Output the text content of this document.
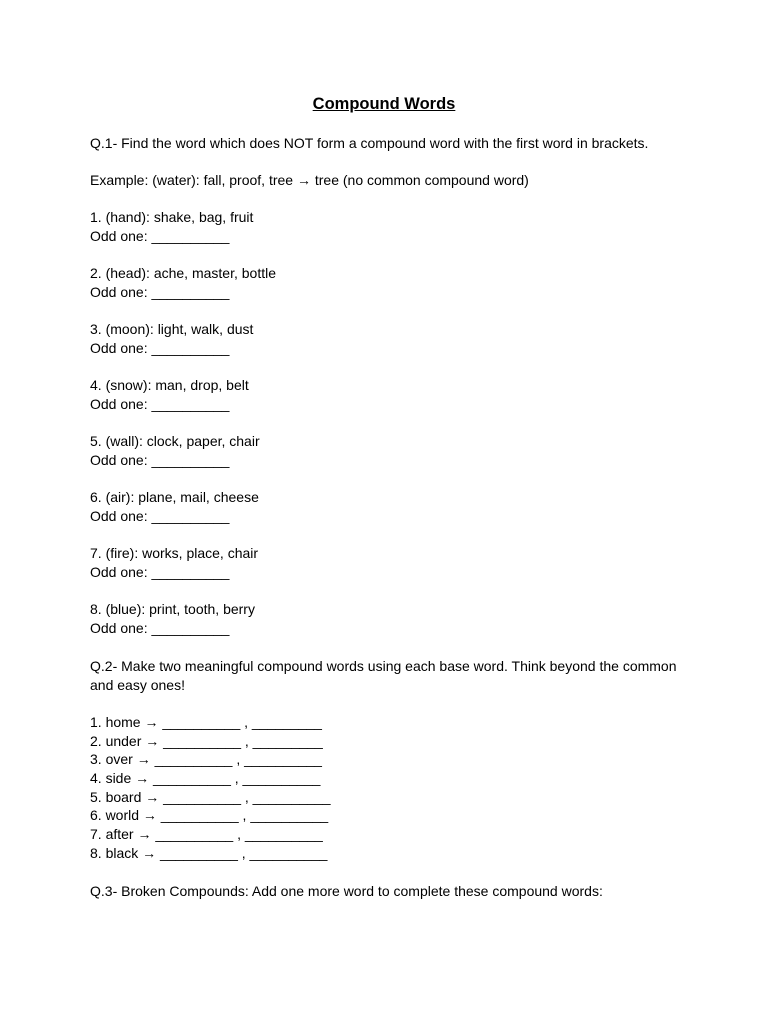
Compound Words
Q.1- Find the word which does NOT form a compound word with the first word in brackets.
Example: (water): fall, proof, tree → tree (no common compound word)
1. (hand): shake, bag, fruit
Odd one: __________
2. (head): ache, master, bottle
Odd one: __________
3. (moon): light, walk, dust
Odd one: __________
4. (snow): man, drop, belt
Odd one: __________
5. (wall): clock, paper, chair
Odd one: __________
6. (air): plane, mail, cheese
Odd one: __________
7. (fire): works, place, chair
Odd one: __________
8. (blue): print, tooth, berry
Odd one: __________
Q.2- Make two meaningful compound words using each base word. Think beyond the common
and easy ones!
1. home → __________ , _________
2. under → __________ , _________
3. over → __________ , __________
4. side → __________ , __________
5. board → __________ , __________
6. world → __________ , __________
7. after → __________ , __________
8. black → __________ , __________
Q.3- Broken Compounds: Add one more word to complete these compound words:
